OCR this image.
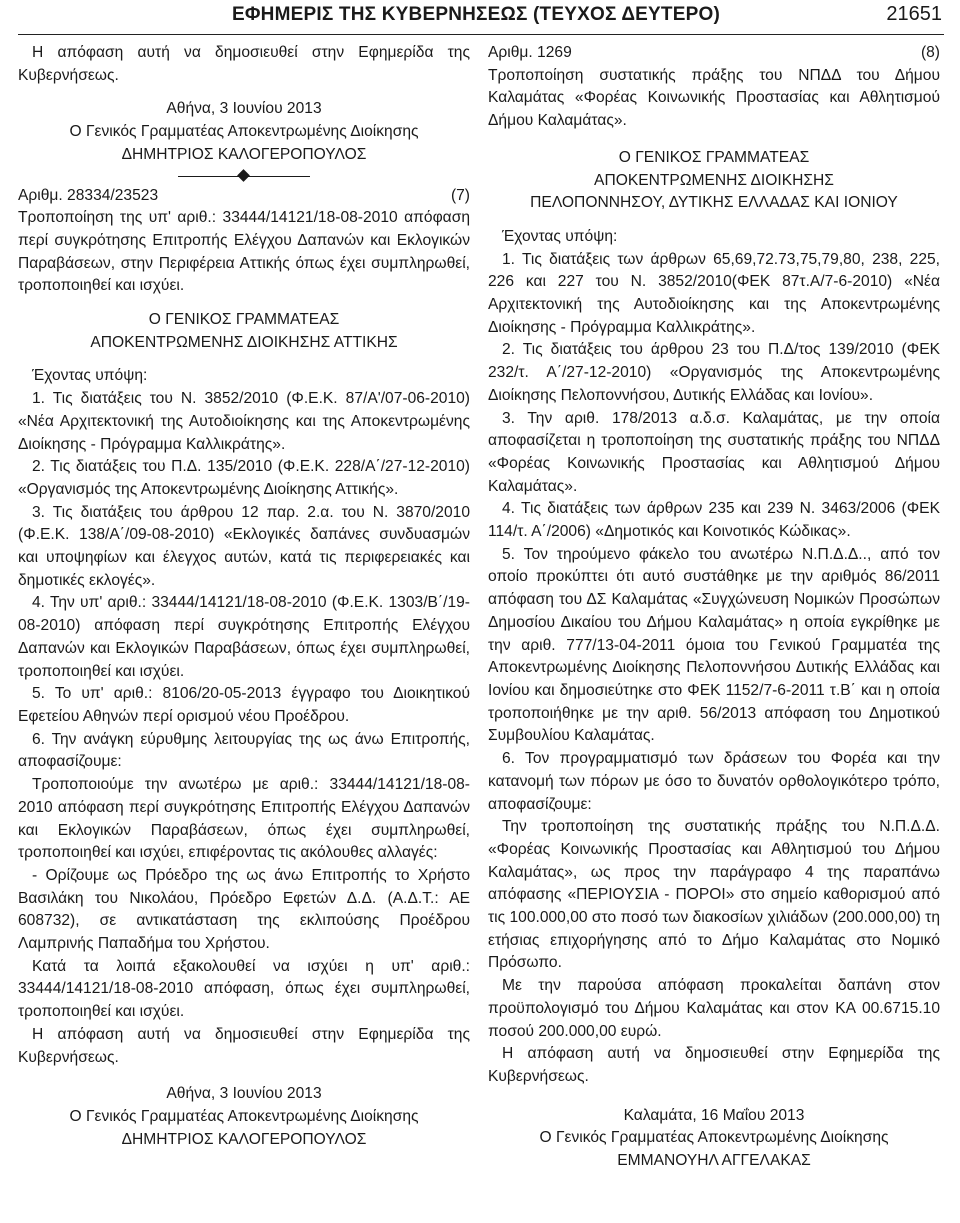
ΕΦΗΜΕΡΙΣ ΤΗΣ ΚΥΒΕΡΝΗΣΕΩΣ (ΤΕΥΧΟΣ ΔΕΥΤΕΡΟ)	21651

Η απόφαση αυτή να δημοσιευθεί στην Εφημερίδα της Κυβερνήσεως.

Αθήνα, 3 Ιουνίου 2013

Ο Γενικός Γραμματέας Αποκεντρωμένης Διοίκησης

ΔΗΜΗΤΡΙΟΣ ΚΑΛΟΓΕΡΟΠΟΥΛΟΣ

Αριθμ. 28334/23523	(7)

Τροποποίηση της υπ' αριθ.: 33444/14121/18-08-2010 απόφαση περί συγκρότησης Επιτροπής Ελέγχου Δαπανών και Εκλογικών Παραβάσεων, στην Περιφέρεια Αττικής όπως έχει συμπληρωθεί, τροποποιηθεί και ισχύει.

Ο ΓΕΝΙΚΟΣ ΓΡΑΜΜΑΤΕΑΣ

ΑΠΟΚΕΝΤΡΩΜΕΝΗΣ ΔΙΟΙΚΗΣΗΣ ΑΤΤΙΚΗΣ

Έχοντας υπόψη:

1. Τις διατάξεις του Ν. 3852/2010 (Φ.Ε.Κ. 87/Α'/07-06-2010) «Νέα Αρχιτεκτονική της Αυτοδιοίκησης και της Αποκεντρωμένης Διοίκησης - Πρόγραμμα Καλλικράτης».

2. Τις διατάξεις του Π.Δ. 135/2010 (Φ.Ε.Κ. 228/Α΄/27-12-2010) «Οργανισμός της Αποκεντρωμένης Διοίκησης Αττικής».

3. Τις διατάξεις του άρθρου 12 παρ. 2.α. του Ν. 3870/2010 (Φ.Ε.Κ. 138/Α΄/09-08-2010) «Εκλογικές δαπάνες συνδυασμών και υποψηφίων και έλεγχος αυτών, κατά τις περιφερειακές και δημοτικές εκλογές».

4. Την υπ' αριθ.: 33444/14121/18-08-2010 (Φ.Ε.Κ. 1303/Β΄/19-08-2010) απόφαση περί συγκρότησης Επιτροπής Ελέγχου Δαπανών και Εκλογικών Παραβάσεων, όπως έχει συμπληρωθεί, τροποποιηθεί και ισχύει.

5. Το υπ' αριθ.: 8106/20-05-2013 έγγραφο του Διοικητικού Εφετείου Αθηνών περί ορισμού νέου Προέδρου.

6. Την ανάγκη εύρυθμης λειτουργίας της ως άνω Επιτροπής, αποφασίζουμε:

Τροποποιούμε την ανωτέρω με αριθ.: 33444/14121/18-08-2010 απόφαση περί συγκρότησης Επιτροπής Ελέγχου Δαπανών και Εκλογικών Παραβάσεων, όπως έχει συμπληρωθεί, τροποποιηθεί και ισχύει, επιφέροντας τις ακόλουθες αλλαγές:

- Ορίζουμε ως Πρόεδρο της ως άνω Επιτροπής το Χρήστο Βασιλάκη του Νικολάου, Πρόεδρο Εφετών Δ.Δ. (Α.Δ.Τ.: ΑΕ 608732), σε αντικατάσταση της εκλιπούσης Προέδρου Λαμπρινής Παπαδήμα του Χρήστου.

Κατά τα λοιπά εξακολουθεί να ισχύει η υπ' αριθ.: 33444/14121/18-08-2010 απόφαση, όπως έχει συμπληρωθεί, τροποποιηθεί και ισχύει.

Η απόφαση αυτή να δημοσιευθεί στην Εφημερίδα της Κυβερνήσεως.

Αθήνα, 3 Ιουνίου 2013

Ο Γενικός Γραμματέας Αποκεντρωμένης Διοίκησης

ΔΗΜΗΤΡΙΟΣ ΚΑΛΟΓΕΡΟΠΟΥΛΟΣ

Αριθμ. 1269	(8)

Τροποποίηση συστατικής πράξης του ΝΠΔΔ του Δήμου Καλαμάτας «Φορέας Κοινωνικής Προστασίας και Αθλητισμού Δήμου Καλαμάτας».

Ο ΓΕΝΙΚΟΣ ΓΡΑΜΜΑΤΕΑΣ

ΑΠΟΚΕΝΤΡΩΜΕΝΗΣ ΔΙΟΙΚΗΣΗΣ

ΠΕΛΟΠΟΝΝΗΣΟΥ, ΔΥΤΙΚΗΣ ΕΛΛΑΔΑΣ ΚΑΙ ΙΟΝΙΟΥ

Έχοντας υπόψη:

1. Τις διατάξεις των άρθρων 65,69,72.73,75,79,80, 238, 225, 226 και 227 του Ν. 3852/2010(ΦΕΚ 87τ.Α/7-6-2010) «Νέα Αρχιτεκτονική της Αυτοδιοίκησης και της Αποκεντρωμένης Διοίκησης - Πρόγραμμα Καλλικράτης».

2. Τις διατάξεις του άρθρου 23 του Π.Δ/τος 139/2010 (ΦΕΚ 232/τ. Α΄/27-12-2010) «Οργανισμός της Αποκεντρωμένης Διοίκησης Πελοποννήσου, Δυτικής Ελλάδας και Ιονίου».

3. Την αριθ. 178/2013 α.δ.σ. Καλαμάτας, με την οποία αποφασίζεται η τροποποίηση της συστατικής πράξης του ΝΠΔΔ «Φορέας Κοινωνικής Προστασίας και Αθλητισμού Δήμου Καλαμάτας».

4. Τις διατάξεις των άρθρων 235 και 239 Ν. 3463/2006 (ΦΕΚ 114/τ. Α΄/2006) «Δημοτικός και Κοινοτικός Κώδικας».

5. Τον τηρούμενο φάκελο του ανωτέρω Ν.Π.Δ.Δ.., από τον οποίο προκύπτει ότι αυτό συστάθηκε με την αριθμός 86/2011 απόφαση του ΔΣ Καλαμάτας «Συγχώνευση Νομικών Προσώπων Δημοσίου Δικαίου του Δήμου Καλαμάτας» η οποία εγκρίθηκε με την αριθ. 777/13-04-2011 όμοια του Γενικού Γραμματέα της Αποκεντρωμένης Διοίκησης Πελοποννήσου Δυτικής Ελλάδας και Ιονίου και δημοσιεύτηκε στο ΦΕΚ 1152/7-6-2011 τ.Β΄ και η οποία τροποποιήθηκε με την αριθ. 56/2013 απόφαση του Δημοτικού Συμβουλίου Καλαμάτας.

6. Τον προγραμματισμό των δράσεων του Φορέα και την κατανομή των πόρων με όσο το δυνατόν ορθολογικότερο τρόπο, αποφασίζουμε:

Την τροποποίηση της συστατικής πράξης του Ν.Π.Δ.Δ. «Φορέας Κοινωνικής Προστασίας και Αθλητισμού του Δήμου Καλαμάτας», ως προς την παράγραφο 4 της παραπάνω απόφασης «ΠΕΡΙΟΥΣΙΑ - ΠΟΡΟΙ» στο σημείο καθορισμού από τις 100.000,00 στο ποσό των διακοσίων χιλιάδων (200.000,00) τη ετήσιας επιχορήγησης από το Δήμο Καλαμάτας στο Νομικό Πρόσωπο.

Με την παρούσα απόφαση προκαλείται δαπάνη στον προϋπολογισμό του Δήμου Καλαμάτας και στον ΚΑ 00.6715.10 ποσού 200.000,00 ευρώ.

Η απόφαση αυτή να δημοσιευθεί στην Εφημερίδα της Κυβερνήσεως.

Καλαμάτα, 16 Μαΐου 2013

Ο Γενικός Γραμματέας Αποκεντρωμένης Διοίκησης

ΕΜΜΑΝΟΥΗΛ ΑΓΓΕΛΑΚΑΣ
